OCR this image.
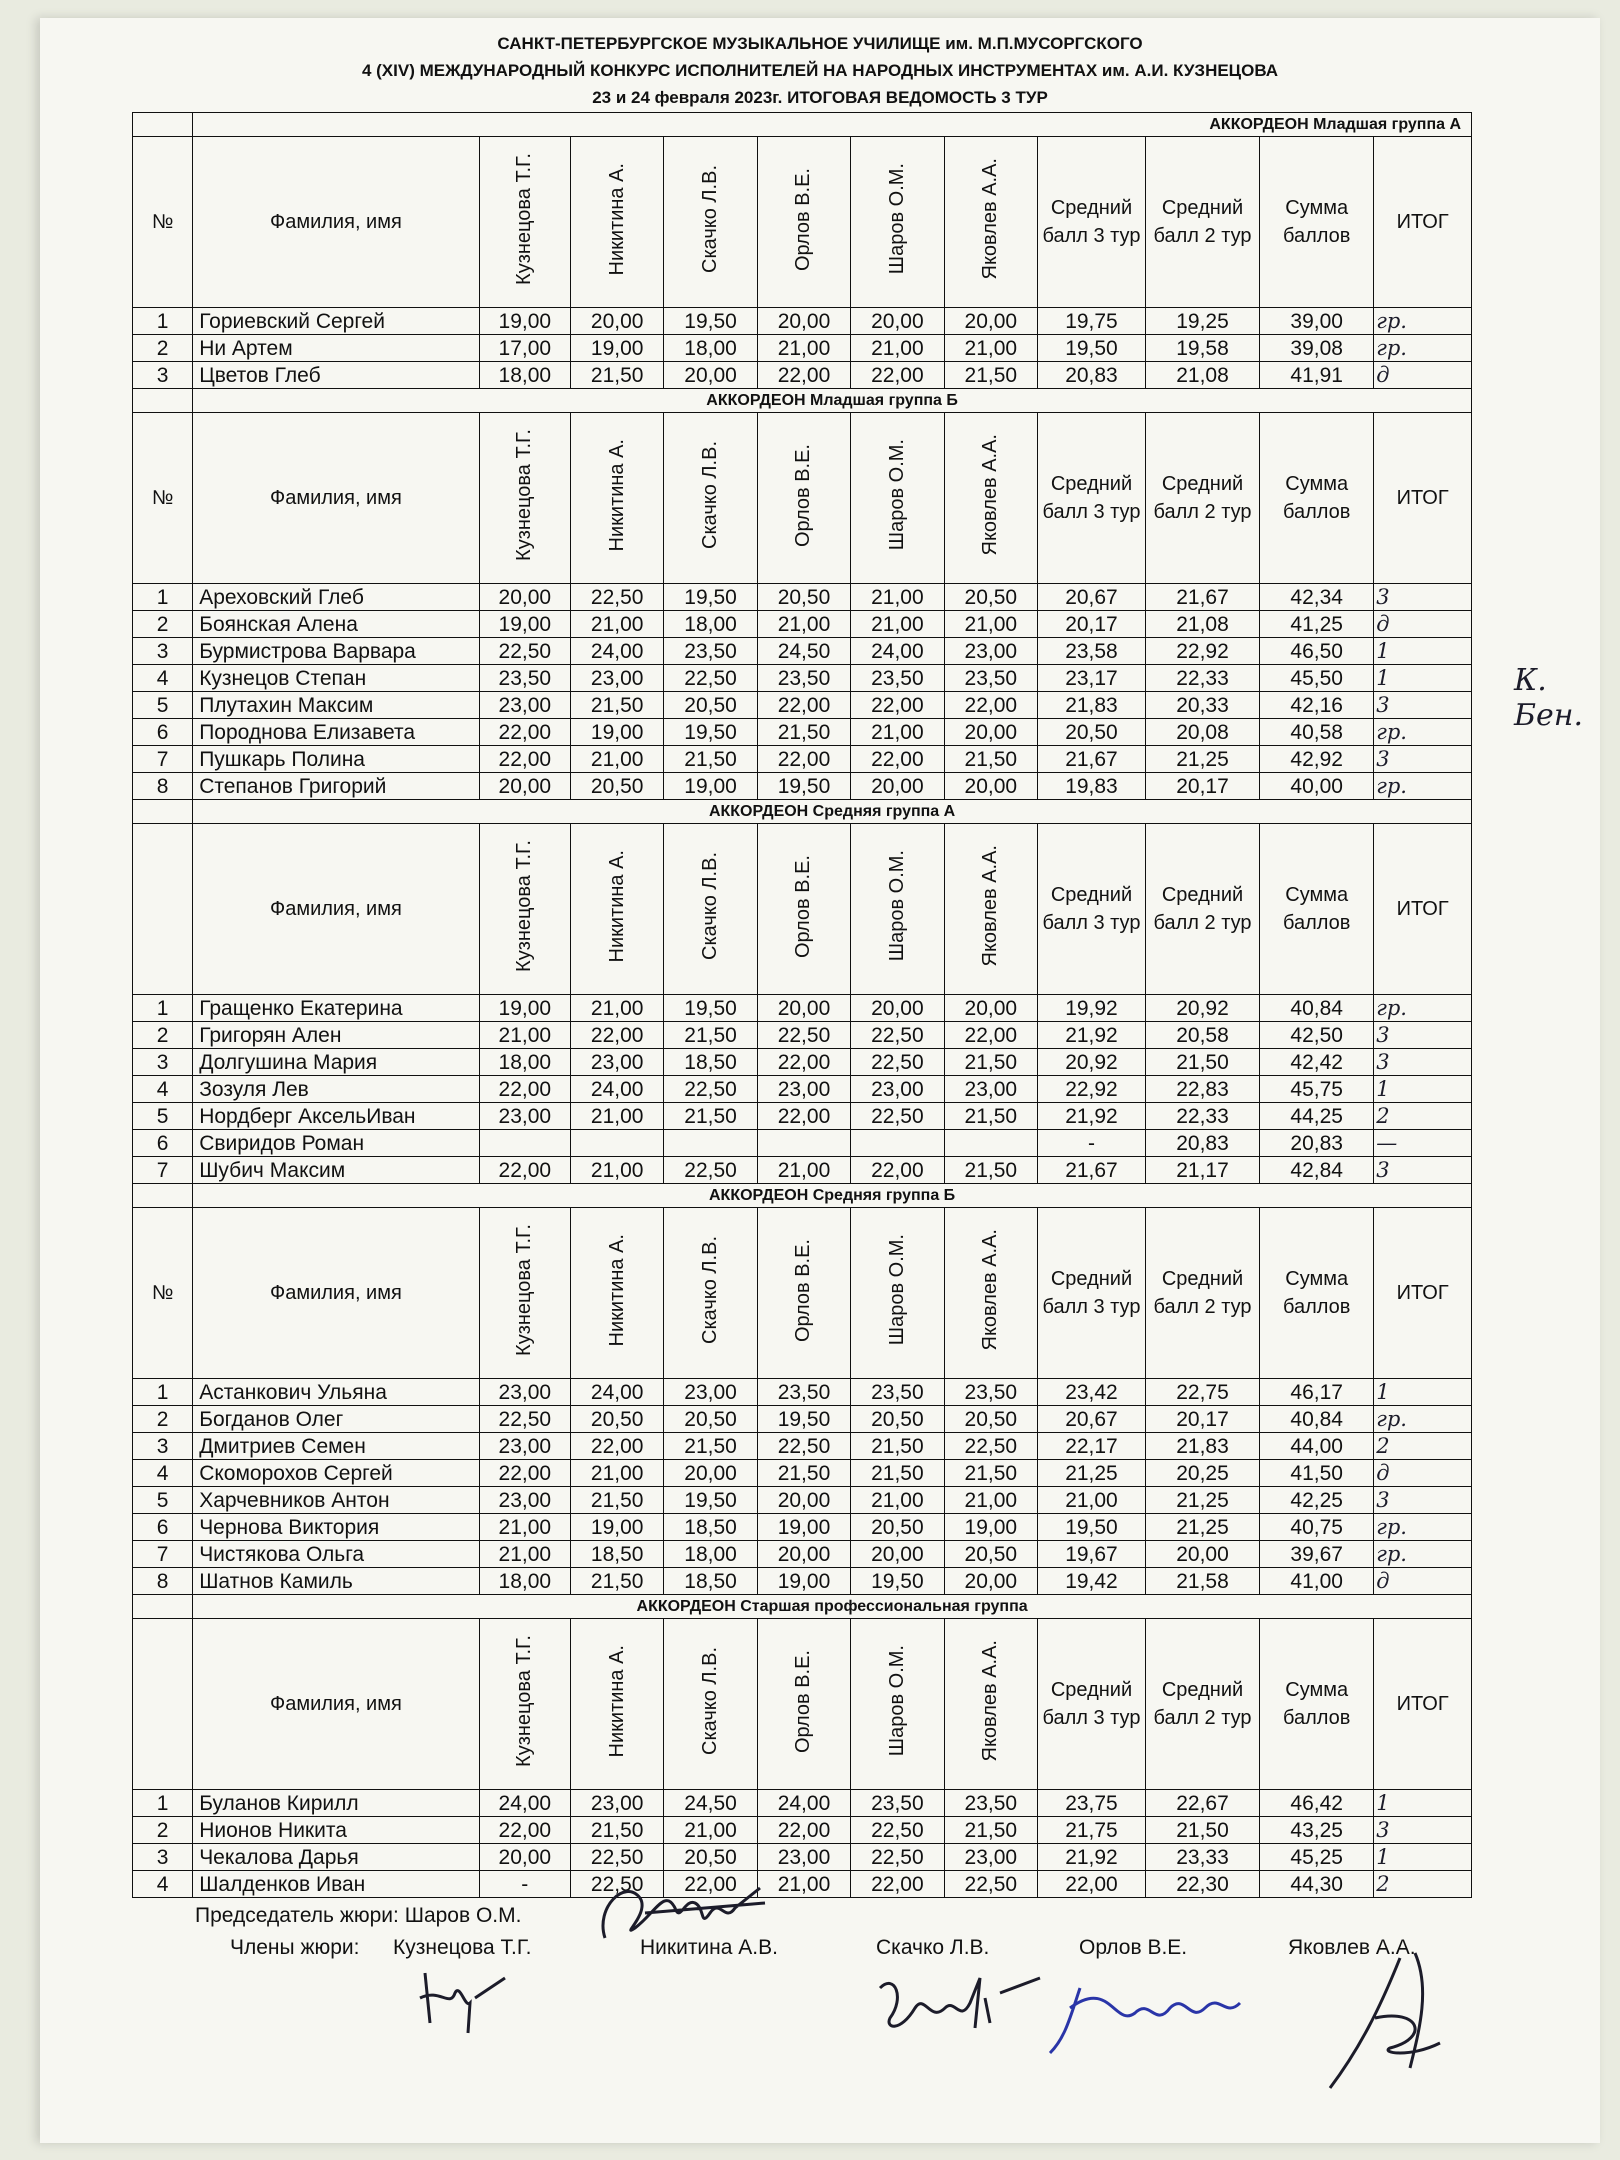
САНКТ-ПЕТЕРБУРГСКОЕ МУЗЫКАЛЬНОЕ УЧИЛИЩЕ им. М.П.МУСОРГСКОГО
4 (XIV) МЕЖДУНАРОДНЫЙ КОНКУРС ИСПОЛНИТЕЛЕЙ НА НАРОДНЫХ ИНСТРУМЕНТАХ им. А.И. КУЗНЕЦОВА
23 и 24 февраля 2023г. ИТОГОВАЯ ВЕДОМОСТЬ 3 ТУР
	АККОРДЕОН Младшая группа А										
№	Фамилия, имя	Кузнецова Т.Г.	Никитина А.	Скачко Л.В.	Орлов В.Е.	Шаров О.М.	Яковлев А.А.	Средний балл 3 тур	Средний балл 2 тур	Сумма баллов	ИТОГ
1	Гориевский Сергей	19,00	20,00	19,50	20,00	20,00	20,00	19,75	19,25	39,00	гр.
2	Ни Артем	17,00	19,00	18,00	21,00	21,00	21,00	19,50	19,58	39,08	гр.
3	Цветов Глеб	18,00	21,50	20,00	22,00	22,00	21,50	20,83	21,08	41,91	д
	АККОРДЕОН Младшая группа Б										
№	Фамилия, имя	Кузнецова Т.Г.	Никитина А.	Скачко Л.В.	Орлов В.Е.	Шаров О.М.	Яковлев А.А.	Средний балл 3 тур	Средний балл 2 тур	Сумма баллов	ИТОГ
1	Ареховский Глеб	20,00	22,50	19,50	20,50	21,00	20,50	20,67	21,67	42,34	3
2	Боянская Алена	19,00	21,00	18,00	21,00	21,00	21,00	20,17	21,08	41,25	д
3	Бурмистрова Варвара	22,50	24,00	23,50	24,50	24,00	23,00	23,58	22,92	46,50	1
4	Кузнецов Степан	23,50	23,00	22,50	23,50	23,50	23,50	23,17	22,33	45,50	1
5	Плутахин Максим	23,00	21,50	20,50	22,00	22,00	22,00	21,83	20,33	42,16	3
6	Породнова Елизавета	22,00	19,00	19,50	21,50	21,00	20,00	20,50	20,08	40,58	гр.
7	Пушкарь Полина	22,00	21,00	21,50	22,00	22,00	21,50	21,67	21,25	42,92	3
8	Степанов Григорий	20,00	20,50	19,00	19,50	20,00	20,00	19,83	20,17	40,00	гр.
	АККОРДЕОН Средняя группа А										
	Фамилия, имя	Кузнецова Т.Г.	Никитина А.	Скачко Л.В.	Орлов В.Е.	Шаров О.М.	Яковлев А.А.	Средний балл 3 тур	Средний балл 2 тур	Сумма баллов	ИТОГ
1	Гращенко Екатерина	19,00	21,00	19,50	20,00	20,00	20,00	19,92	20,92	40,84	гр.
2	Григорян Ален	21,00	22,00	21,50	22,50	22,50	22,00	21,92	20,58	42,50	3
3	Долгушина Мария	18,00	23,00	18,50	22,00	22,50	21,50	20,92	21,50	42,42	3
4	Зозуля Лев	22,00	24,00	22,50	23,00	23,00	23,00	22,92	22,83	45,75	1
5	Нордберг АксельИван	23,00	21,00	21,50	22,00	22,50	21,50	21,92	22,33	44,25	2
6	Свиридов Роман							-	20,83	20,83	—
7	Шубич Максим	22,00	21,00	22,50	21,00	22,00	21,50	21,67	21,17	42,84	3
	АККОРДЕОН Средняя группа Б										
№	Фамилия, имя	Кузнецова Т.Г.	Никитина А.	Скачко Л.В.	Орлов В.Е.	Шаров О.М.	Яковлев А.А.	Средний балл 3 тур	Средний балл 2 тур	Сумма баллов	ИТОГ
1	Астанкович Ульяна	23,00	24,00	23,00	23,50	23,50	23,50	23,42	22,75	46,17	1
2	Богданов Олег	22,50	20,50	20,50	19,50	20,50	20,50	20,67	20,17	40,84	гр.
3	Дмитриев Семен	23,00	22,00	21,50	22,50	21,50	22,50	22,17	21,83	44,00	2
4	Скоморохов Сергей	22,00	21,00	20,00	21,50	21,50	21,50	21,25	20,25	41,50	д
5	Харчевников Антон	23,00	21,50	19,50	20,00	21,00	21,00	21,00	21,25	42,25	3
6	Чернова Виктория	21,00	19,00	18,50	19,00	20,50	19,00	19,50	21,25	40,75	гр.
7	Чистякова Ольга	21,00	18,50	18,00	20,00	20,00	20,50	19,67	20,00	39,67	гр.
8	Шатнов Камиль	18,00	21,50	18,50	19,00	19,50	20,00	19,42	21,58	41,00	д
	АККОРДЕОН Старшая профессиональная группа										
	Фамилия, имя	Кузнецова Т.Г.	Никитина А.	Скачко Л.В.	Орлов В.Е.	Шаров О.М.	Яковлев А.А.	Средний балл 3 тур	Средний балл 2 тур	Сумма баллов	ИТОГ
1	Буланов Кирилл	24,00	23,00	24,50	24,00	23,50	23,50	23,75	22,67	46,42	1
2	Нионов Никита	22,00	21,50	21,00	22,00	22,50	21,50	21,75	21,50	43,25	3
3	Чекалова Дарья	20,00	22,50	20,50	23,00	22,50	23,00	21,92	23,33	45,25	1
4	Шалденков Иван	-	22,50	22,00	21,00	22,00	22,50	22,00	22,30	44,30	2
К. Бен.
Председатель жюри: Шаров О.М.
Члены жюри: Кузнецова Т.Г.	Никитина А.В.	Скачко Л.В.	Орлов В.Е.	Яковлев А.А.
